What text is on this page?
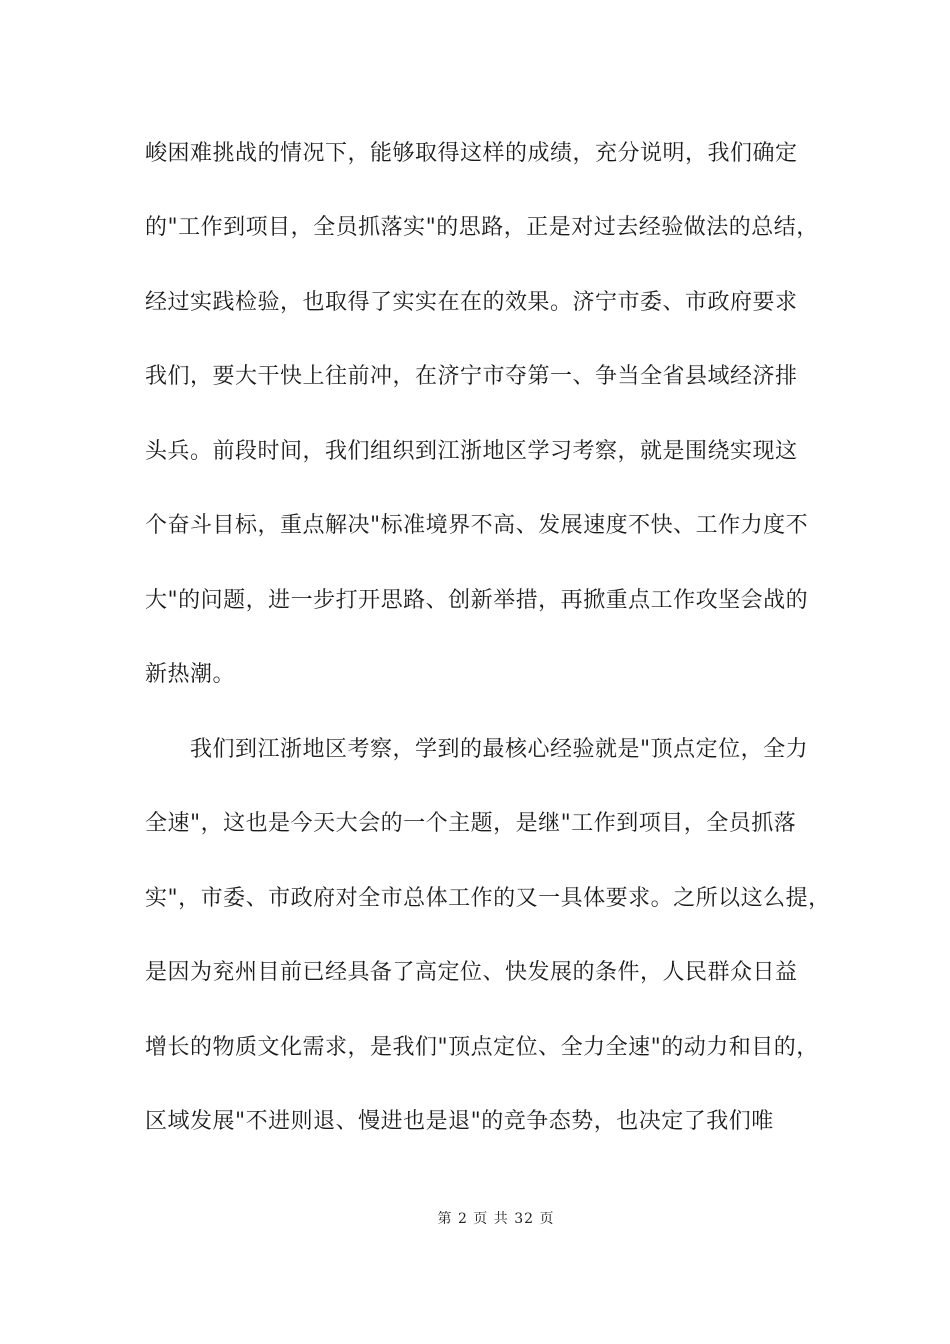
峻困难挑战的情况下，能够取得这样的成绩，充分说明，我们确定
的"工作到项目，全员抓落实"的思路，正是对过去经验做法的总结，
经过实践检验，也取得了实实在在的效果。济宁市委、市政府要求
我们，要大干快上往前冲，在济宁市夺第一、争当全省县域经济排
头兵。前段时间，我们组织到江浙地区学习考察，就是围绕实现这
个奋斗目标，重点解决"标准境界不高、发展速度不快、工作力度不
大"的问题，进一步打开思路、创新举措，再掀重点工作攻坚会战的
新热潮。
我们到江浙地区考察，学到的最核心经验就是"顶点定位，全力
全速"，这也是今天大会的一个主题，是继"工作到项目，全员抓落
实"，市委、市政府对全市总体工作的又一具体要求。之所以这么提，
是因为兖州目前已经具备了高定位、快发展的条件，人民群众日益
增长的物质文化需求，是我们"顶点定位、全力全速"的动力和目的，
区域发展"不进则退、慢进也是退"的竞争态势，也决定了我们唯
第 2 页 共 32 页
